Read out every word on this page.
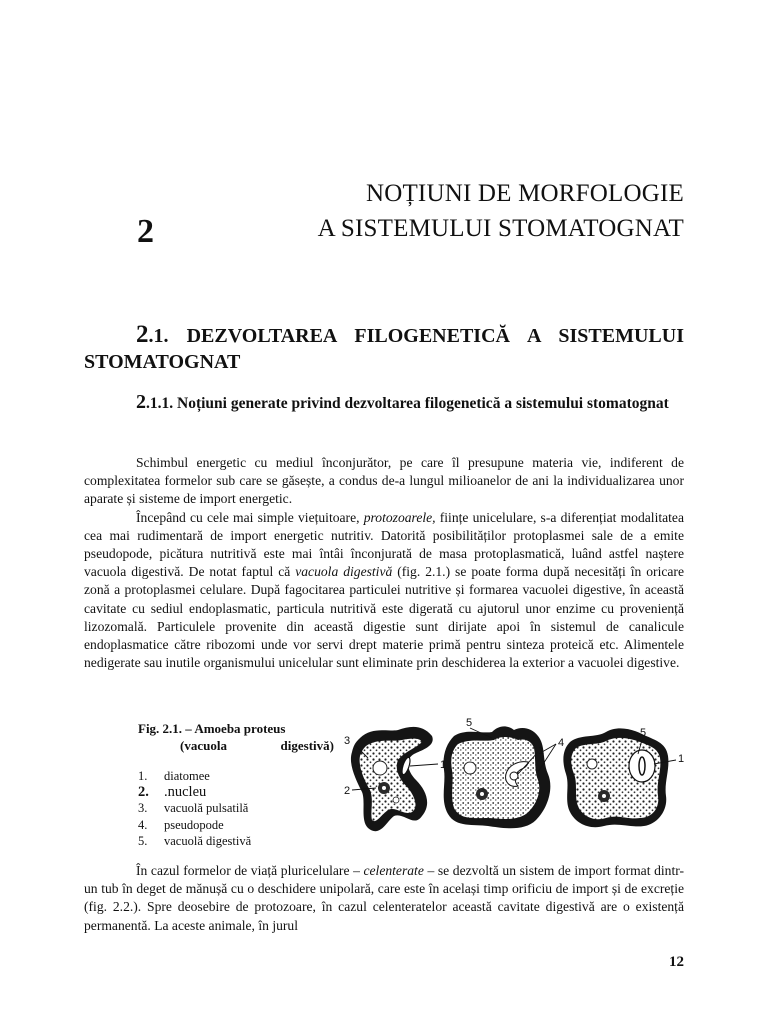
NOȚIUNI DE MORFOLOGIE
A SISTEMULUI STOMATOGNAT
2
2.1. DEZVOLTAREA FILOGENETICĂ A SISTEMULUI STOMATOGNAT
2.1.1. Noțiuni generate privind dezvoltarea filogenetică a sistemului stomatognat

Schimbul energetic cu mediul înconjurător, pe care îl presupune materia vie, indiferent de complexitatea formelor sub care se găsește, a condus de-a lungul milioanelor de ani la individualizarea unor aparate și sisteme de import energetic.

Începând cu cele mai simple viețuitoare, protozoarele, ființe unicelulare, s-a diferențiat modalitatea cea mai rudimentară de import energetic nutritiv. Datorită posibilităților protoplasmei sale de a emite pseudopode, picătura nutritivă este mai întâi înconjurată de masa protoplasmatică, luând astfel naștere vacuola digestivă. De notat faptul că vacuola digestivă (fig. 2.1.) se poate forma după necesități în oricare zonă a protoplasmei celulare. După fagocitarea particulei nutritive și formarea vacuolei digestive, în această cavitate cu sediul endoplasmatic, particula nutritivă este digerată cu ajutorul unor enzime cu proveniență lizozomală. Particulele provenite din această digestie sunt dirijate apoi în sistemul de canalicule endoplasmatice către ribozomi unde vor servi drept materie primă pentru sinteza proteică etc. Alimentele nedigerate sau inutile organismului unicelular sunt eliminate prin deschiderea la exterior a vacuolei digestive.

Fig. 2.1. – Amoeba proteus
(vacuola	digestivă)
1.	diatomee
2.	.nucleu
3.	vacuolă pulsatilă
4.	pseudopode
5.	vacuolă digestivă
3
2
1
5
1
4
5
1

În cazul formelor de viață pluricelulare – celenterate – se dezvoltă un sistem de import format dintr-un tub în deget de mănușă cu o deschidere unipolară, care este în același timp orificiu de import și de excreție (fig. 2.2.). Spre deosebire de protozoare, în cazul celenteratelor această cavitate digestivă are o existență permanentă. La aceste animale, în jurul

12
